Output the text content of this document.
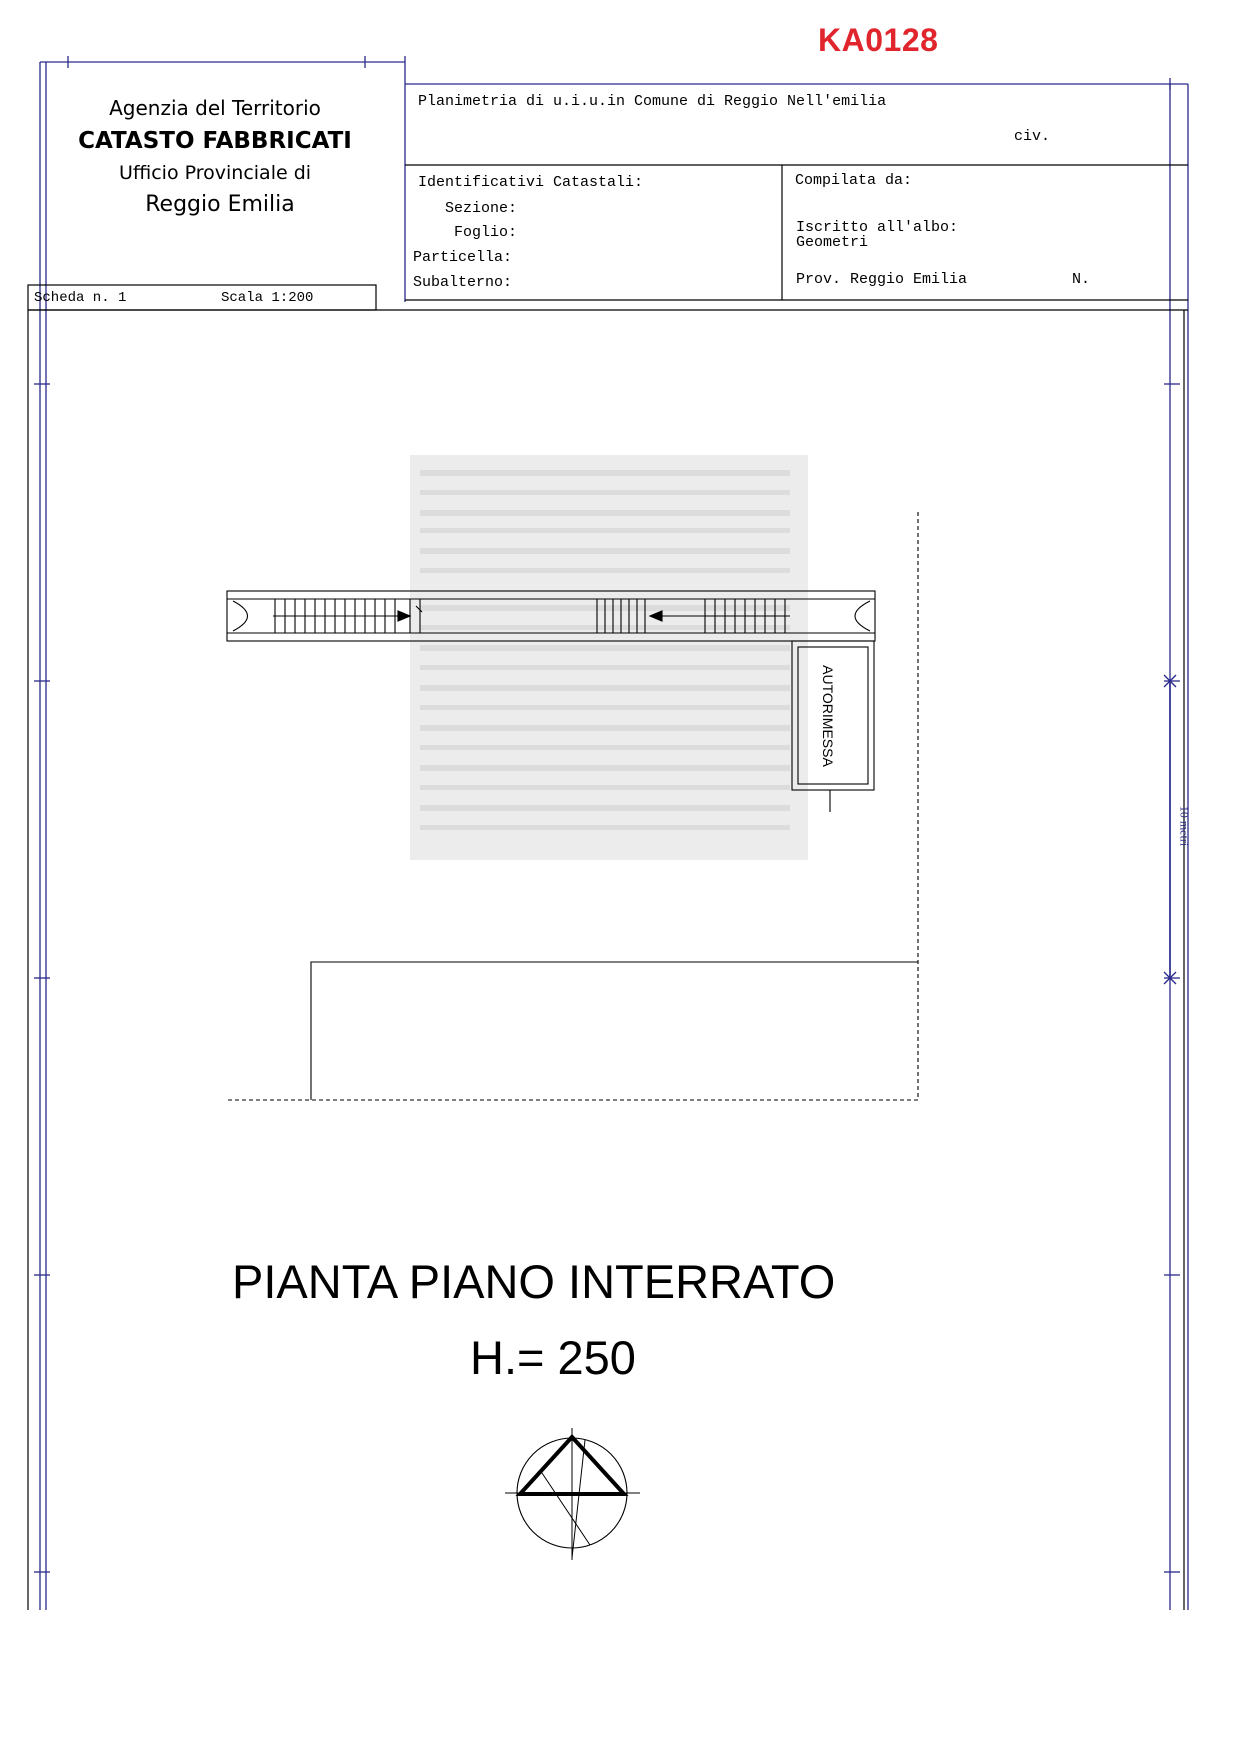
KA0128
Agenzia del Territorio
CATASTO FABBRICATI
Ufficio Provinciale di
Reggio Emilia
Planimetria di u.i.u.in Comune di Reggio Nell'emilia
civ.
Identificativi Catastali:
Sezione:
Foglio:
Particella:
Subalterno:
Compilata da:
Iscritto all'albo:
Geometri
Prov. Reggio Emilia	N.
Scheda n. 1	Scala 1:200
AUTORIMESSA
10 metri
PIANTA PIANO INTERRATO
H.= 250
